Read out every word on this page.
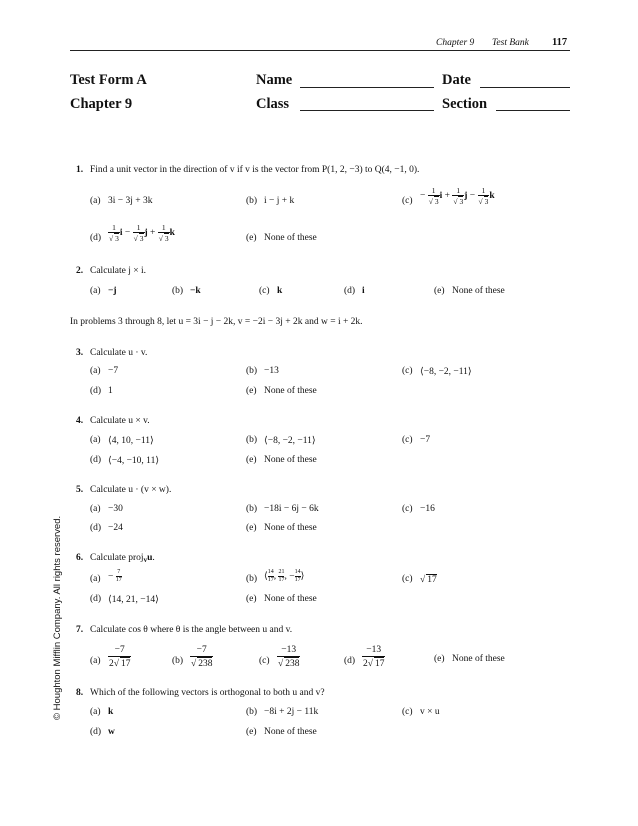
Chapter 9 Test Bank 117
Test Form A
Chapter 9
Name	Date
Class	Section
1. Find a unit vector in the direction of v if v is the vector from P(1, 2, −3) to Q(4, −1, 0).
(a) 3i − 3j + 3k	(b) i − j + k	$(c) - \frac{1}{√ 3}$ $i + \frac{1}{√ 3}$ $j - \frac{1}{√ 3}$ k
$(d) \frac{1}{√ 3}$ $i - \frac{1}{√ 3}$ $j + \frac{1}{√ 3}$ k	(e) None of these
2. Calculate j × i.
(a) −j	(b) −k	(c) k	(d) i	(e) None of these
In problems 3 through 8, let u = 3i − j − 2k, v = −2i − 3j + 2k and w = i + 2k.
3. Calculate u · v.
(a) −7	(b) −13	(c) ⟨−8, −2, −11⟩
(d) 1	(e) None of these
4. Calculate u × v.
(a) ⟨4, 10, −11⟩	(b) ⟨−8, −2, −11⟩	(c) −7
(d) ⟨−4, −10, 11⟩	(e) None of these
5. Calculate u · (v × w).
(a) −30	(b) −18i − 6j − 6k	(c) −16
(d) −24	(e) None of these
6. Calculate proj$_v$u.
$(a) - \frac{7}{17}$	(b) ⟨ $\frac{14}{17}$, $\frac{21}{17}$, − $\frac{14}{17}⟩$	(c) √ 17
(d) ⟨14, 21, −14⟩	(e) None of these
7. Calculate cos θ where θ is the angle between u and v.
$(a) \frac{-7}{2√ 17}$	$(b) \frac{-7}{√ 238}$	$(c) \frac{-13}{√ 238}$	$(d) \frac{-13}{2√ 17}$	(e) None of these
8. Which of the following vectors is orthogonal to both u and v?
(a) k	(b) −8i + 2j − 11k	(c) v × u
(d) w	(e) None of these
© Houghton Mifflin Company. All rights reserved.
